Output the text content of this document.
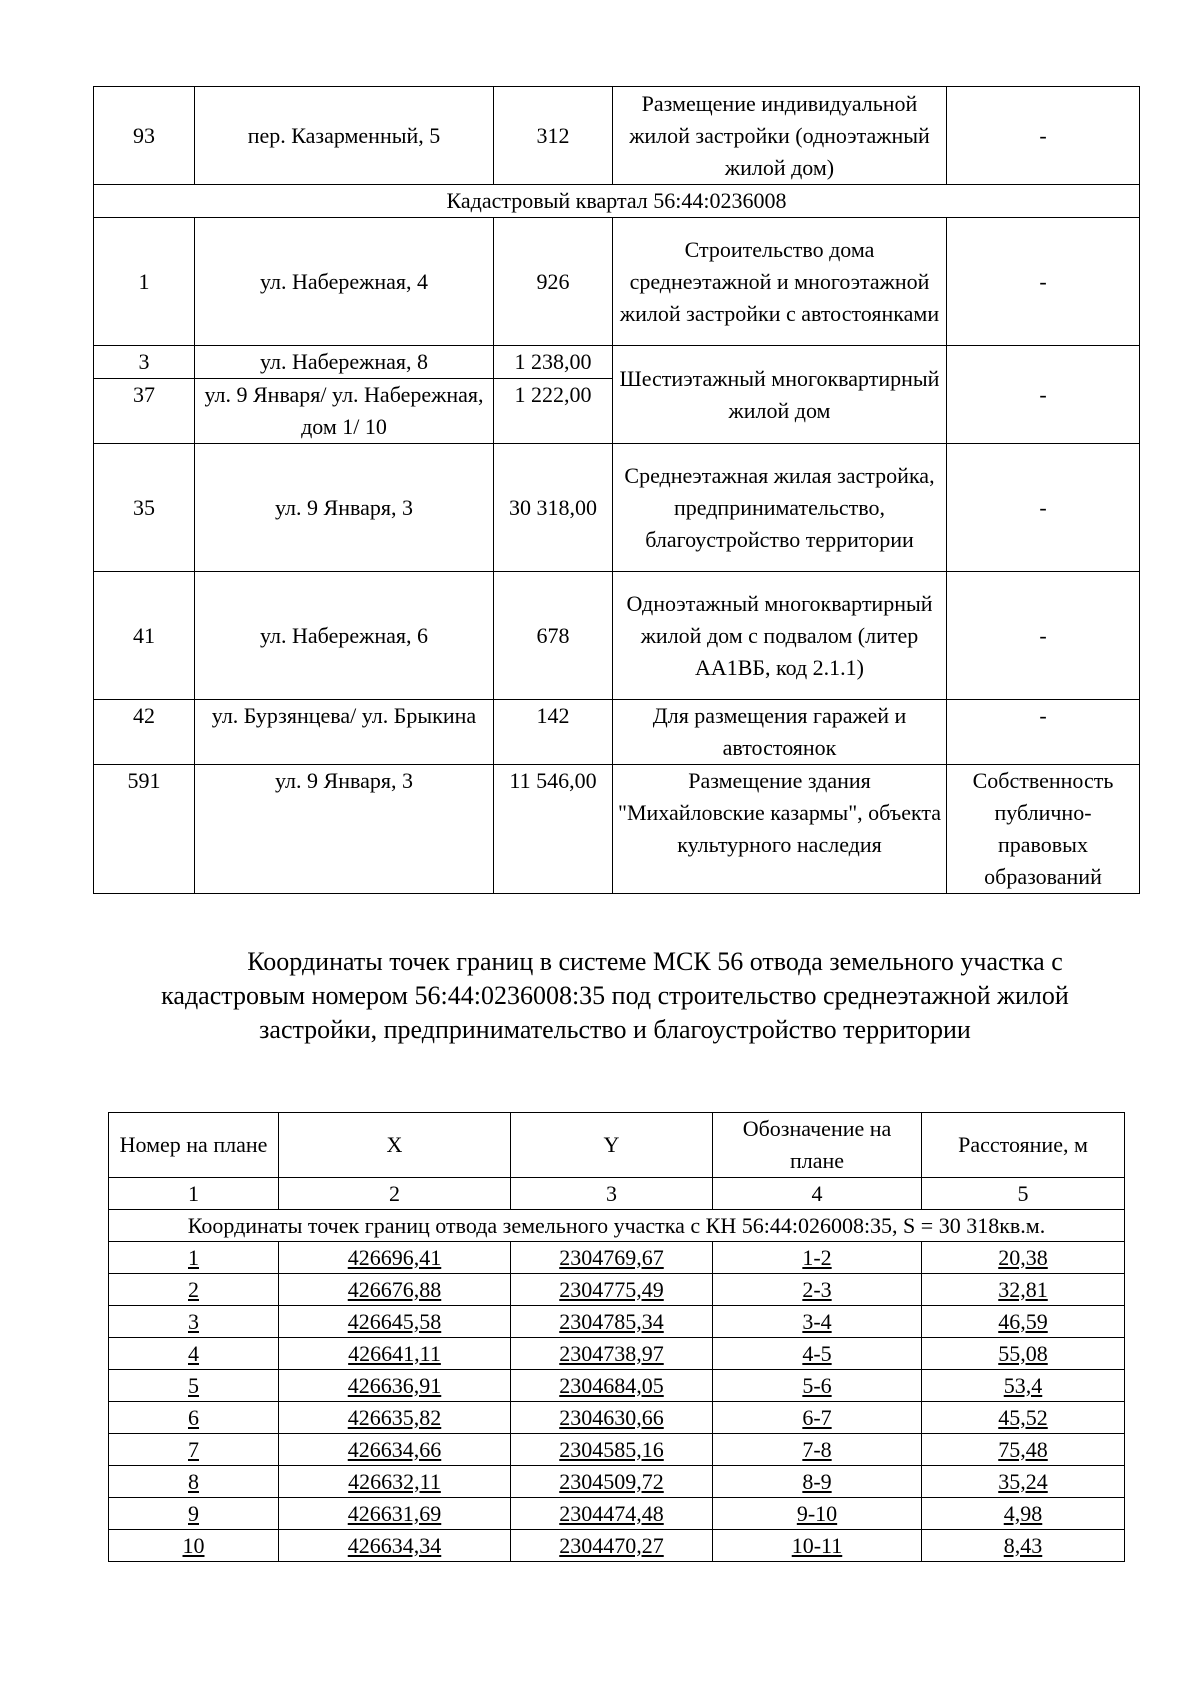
93	пер. Казарменный, 5	312	Размещение индивидуальной жилой застройки (одноэтажный жилой дом)	-
Кадастровый квартал 56:44:0236008				
1	ул. Набережная, 4	926	Строительство дома среднеэтажной и многоэтажной жилой застройки с автостоянками	-
3	ул. Набережная, 8	1 238,00	Шестиэтажный многоквартирный жилой дом	-
37	ул. 9 Января/ ул. Набережная, дом 1/ 10	1 222,00		
35	ул. 9 Января, 3	30 318,00	Среднеэтажная жилая застройка, предпринимательство, благоустройство территории	-
41	ул. Набережная, 6	678	Одноэтажный многоквартирный жилой дом с подвалом (литер АА1ВБ, код 2.1.1)	-
42	ул. Бурзянцева/ ул. Брыкина	142	Для размещения гаражей и автостоянок	-
591	ул. 9 Января, 3	11 546,00	Размещение здания "Михайловские казармы", объекта культурного наследия	Собственность публично-правовых образований

Координаты точек границ в системе МСК 56 отвода земельного участка с

кадастровым номером 56:44:0236008:35 под строительство среднеэтажной жилой

застройки, предпринимательство и благоустройство территории

Номер на плане	X	Y	Обозначение на плане	Расстояние, м
1	2	3	4	5
Координаты точек границ отвода земельного участка с КН 56:44:026008:35, S = 30 318кв.м.				
1	426696,41	2304769,67	1-2	20,38
2	426676,88	2304775,49	2-3	32,81
3	426645,58	2304785,34	3-4	46,59
4	426641,11	2304738,97	4-5	55,08
5	426636,91	2304684,05	5-6	53,4
6	426635,82	2304630,66	6-7	45,52
7	426634,66	2304585,16	7-8	75,48
8	426632,11	2304509,72	8-9	35,24
9	426631,69	2304474,48	9-10	4,98
10	426634,34	2304470,27	10-11	8,43
